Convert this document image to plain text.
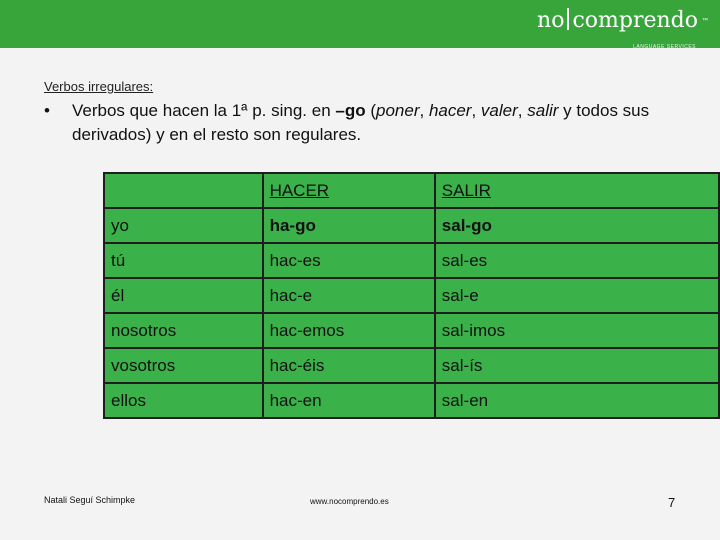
no comprendo
LANGUAGE SERVICES
™
Verbos irregulares:
• Verbos que hacen la 1ª p. sing. en –go (poner, hacer, valer, salir y todos sus derivados) y en el resto son regulares.
	HACER	SALIR
yo	ha-go	sal-go
tú	hac-es	sal-es
él	hac-e	sal-e
nosotros	hac-emos	sal-imos
vosotros	hac-éis	sal-ís
ellos	hac-en	sal-en
Natali Seguí Schimpke	www.nocomprendo.es	7
